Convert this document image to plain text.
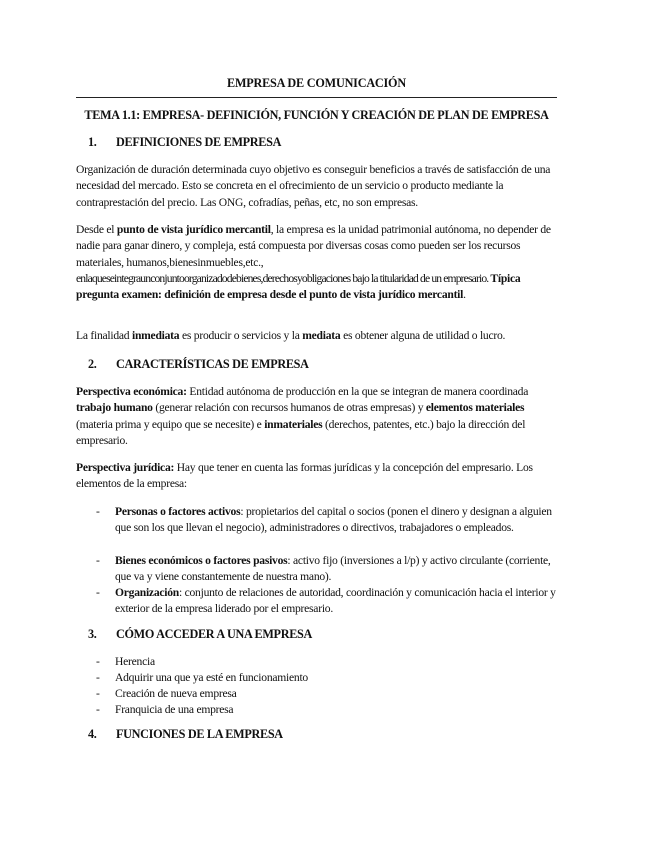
EMPRESA DE COMUNICACIÓN
TEMA 1.1: EMPRESA- DEFINICIÓN, FUNCIÓN Y CREACIÓN DE PLAN DE EMPRESA
1. DEFINICIONES DE EMPRESA

Organización de duración determinada cuyo objetivo es conseguir beneficios a través de satisfacción de una necesidad del mercado. Esto se concreta en el ofrecimiento de un servicio o producto mediante la contraprestación del precio. Las ONG, cofradías, peñas, etc, no son empresas.

Desde el punto de vista jurídico mercantil, la empresa es la unidad patrimonial autónoma, no depender de nadie para ganar dinero, y compleja, está compuesta por diversas cosas como pueden ser los recursos materiales, humanos,bienesinmuebles,etc.,
enlaqueseintegraunconjuntoorganizadodebienes,derechosyobligaciones bajo la titularidad de un empresario. Típica pregunta examen: definición de empresa desde el punto de vista jurídico mercantil.

La finalidad inmediata es producir o servicios y la mediata es obtener alguna de utilidad o lucro.

2. CARACTERÍSTICAS DE EMPRESA

Perspectiva económica: Entidad autónoma de producción en la que se integran de manera coordinada trabajo humano (generar relación con recursos humanos de otras empresas) y elementos materiales (materia prima y equipo que se necesite) e inmateriales (derechos, patentes, etc.) bajo la dirección del empresario.

Perspectiva jurídica: Hay que tener en cuenta las formas jurídicas y la concepción del empresario. Los elementos de la empresa:

- Personas o factores activos: propietarios del capital o socios (ponen el dinero y designan a alguien que son los que llevan el negocio), administradores o directivos, trabajadores o empleados.

- Bienes económicos o factores pasivos: activo fijo (inversiones a l/p) y activo circulante (corriente, que va y viene constantemente de nuestra mano).

- Organización: conjunto de relaciones de autoridad, coordinación y comunicación hacia el interior y exterior de la empresa liderado por el empresario.

3. CÓMO ACCEDER A UNA EMPRESA

- Herencia

- Adquirir una que ya esté en funcionamiento

- Creación de nueva empresa

- Franquicia de una empresa

4. FUNCIONES DE LA EMPRESA
